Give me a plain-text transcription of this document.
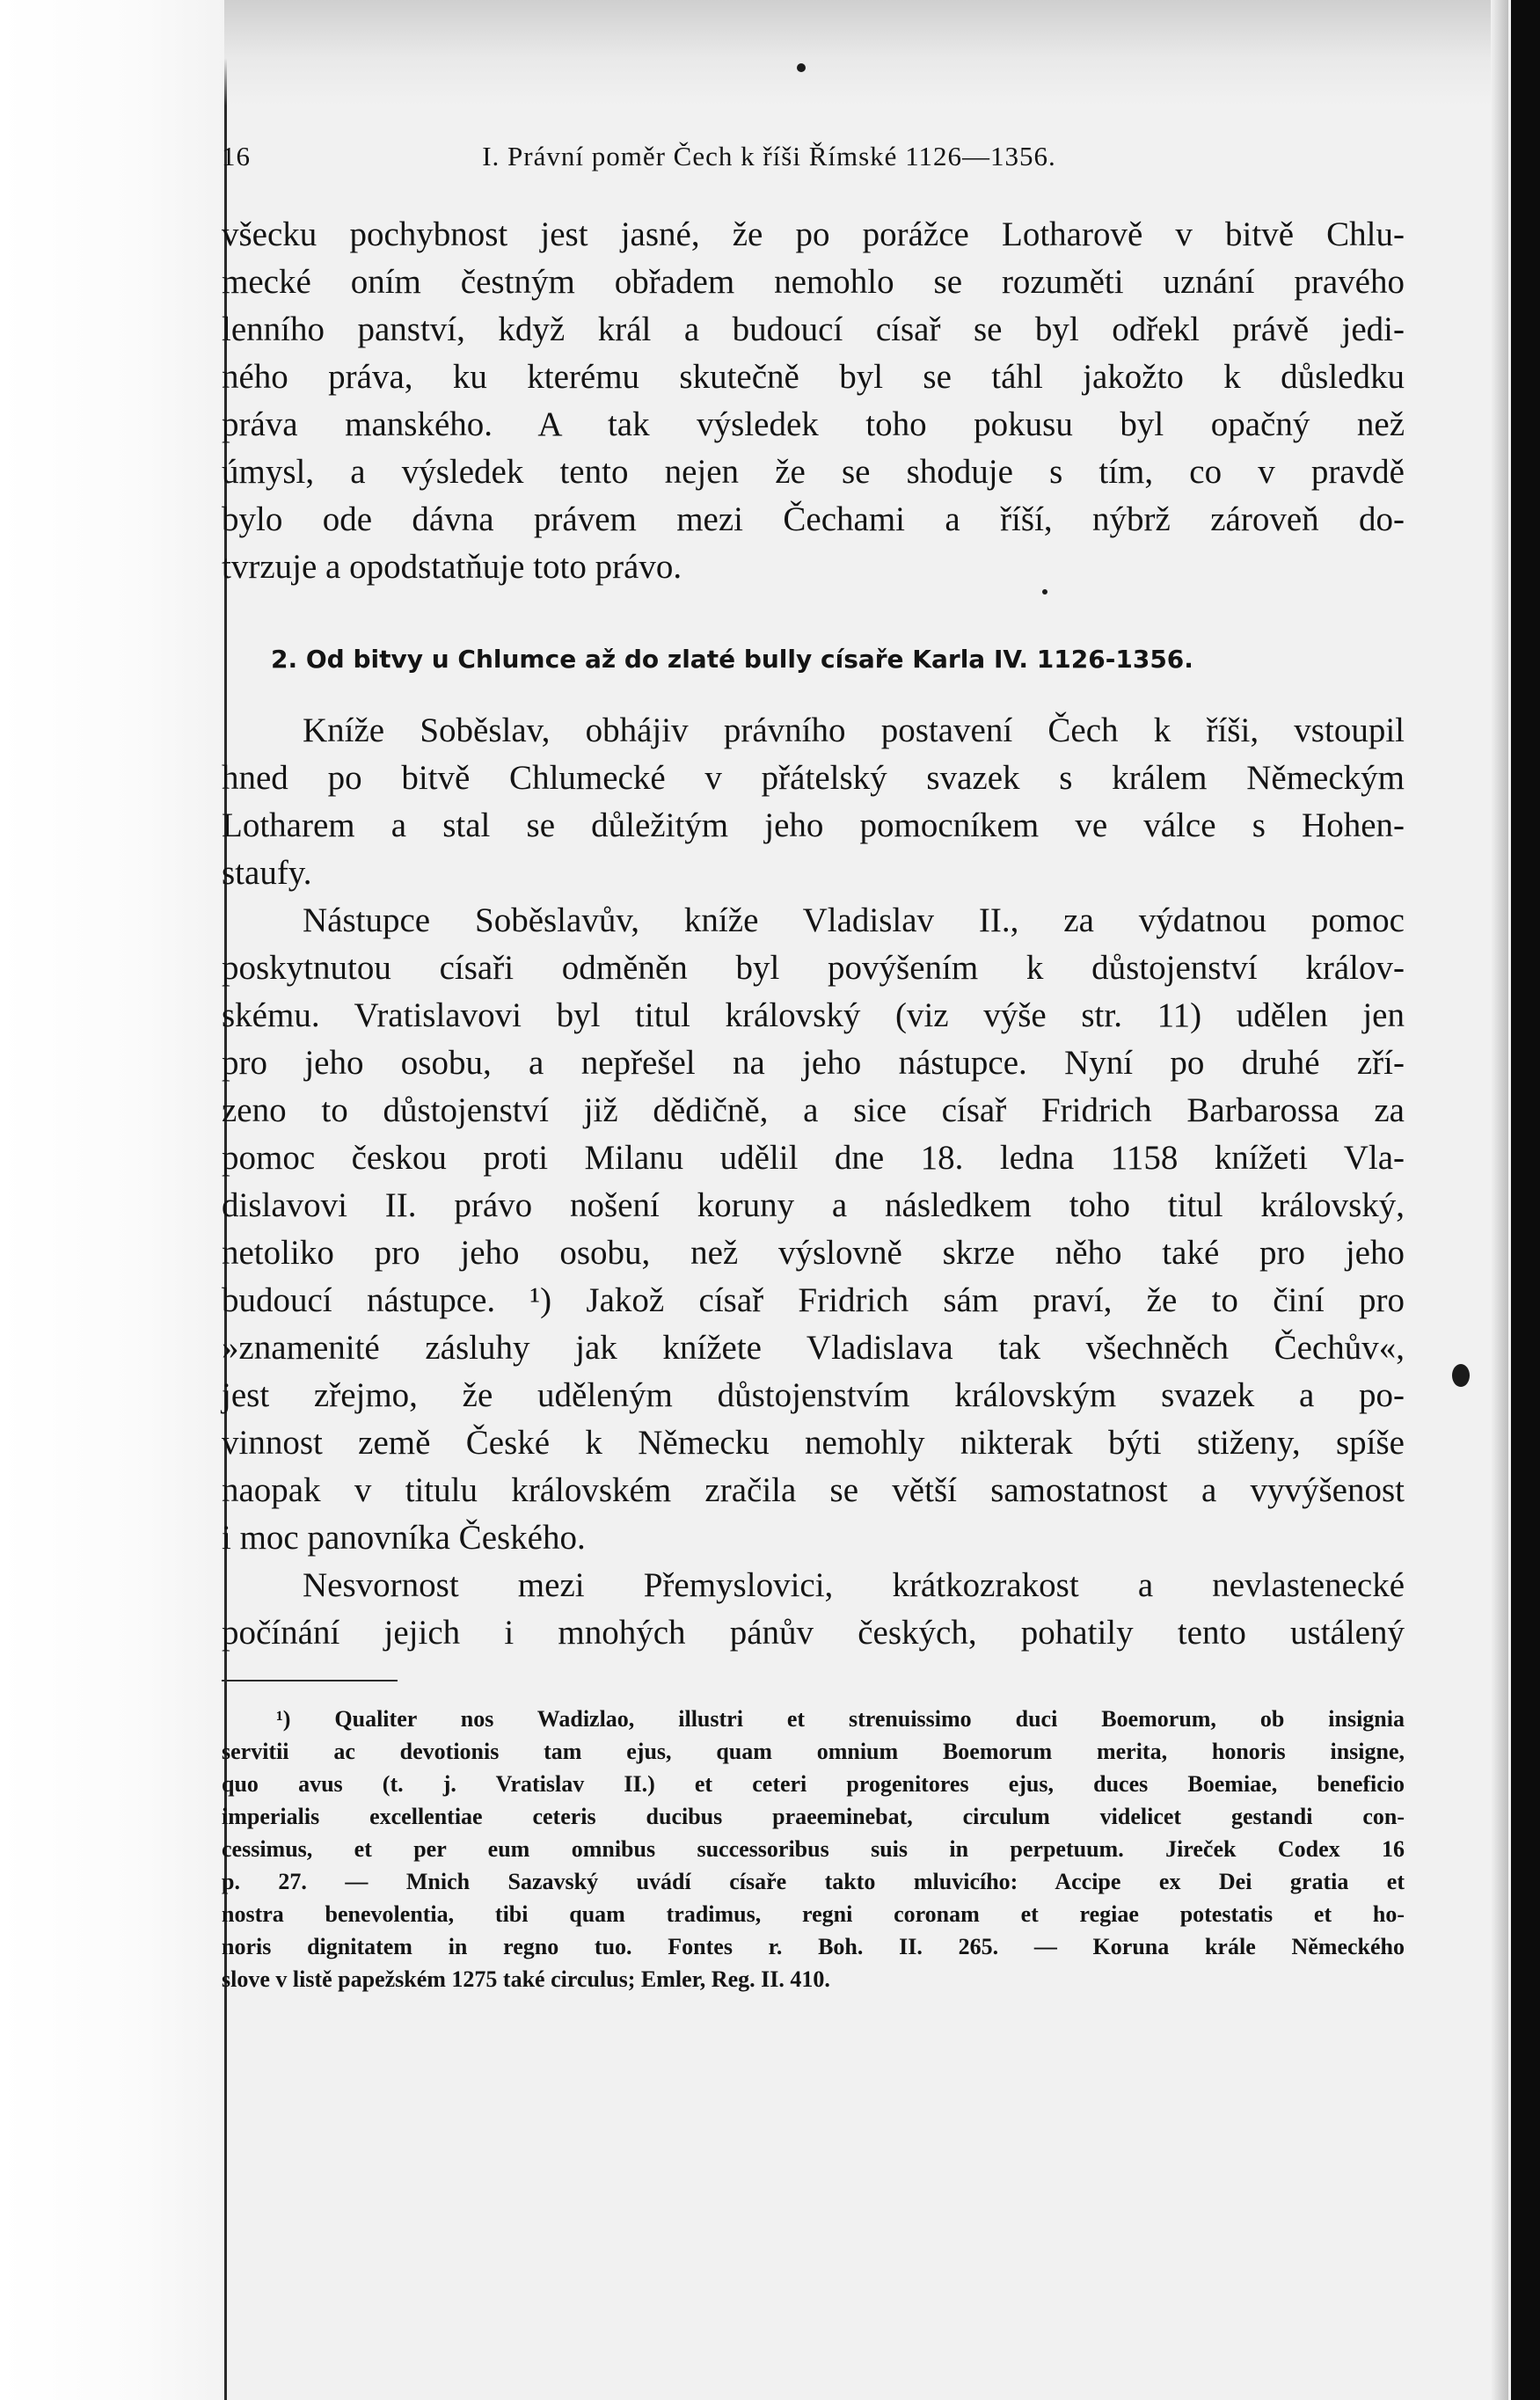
16	I. Právní poměr Čech k říši Římské 1126—1356.
všecku pochybnost jest jasné, že po porážce Lotharově v bitvě Chlu-
mecké oním čestným obřadem nemohlo se rozuměti uznání pravého
lenního panství, když král a budoucí císař se byl odřekl právě jedi-
ného práva, ku kterému skutečně byl se táhl jakožto k důsledku
práva manského. A tak výsledek toho pokusu byl opačný než
úmysl, a výsledek tento nejen že se shoduje s tím, co v pravdě
bylo ode dávna právem mezi Čechami a říší, nýbrž zároveň do-
tvrzuje a opodstatňuje toto právo.
2. Od bitvy u Chlumce až do zlaté bully císaře Karla IV. 1126-1356.
Kníže Soběslav, obhájiv právního postavení Čech k říši, vstoupil
hned po bitvě Chlumecké v přátelský svazek s králem Německým
Lotharem a stal se důležitým jeho pomocníkem ve válce s Hohen-
staufy.
Nástupce Soběslavův, kníže Vladislav II., za výdatnou pomoc
poskytnutou císaři odměněn byl povýšením k důstojenství králov-
skému. Vratislavovi byl titul královský (viz výše str. 11) udělen jen
pro jeho osobu, a nepřešel na jeho nástupce. Nyní po druhé zří-
zeno to důstojenství již dědičně, a sice císař Fridrich Barbarossa za
pomoc českou proti Milanu udělil dne 18. ledna 1158 knížeti Vla-
dislavovi II. právo nošení koruny a následkem toho titul královský,
netoliko pro jeho osobu, než výslovně skrze něho také pro jeho
budoucí nástupce. ¹) Jakož císař Fridrich sám praví, že to činí pro
»znamenité zásluhy jak knížete Vladislava tak všechněch Čechův«,
jest zřejmo, že uděleným důstojenstvím královským svazek a po-
vinnost země České k Německu nemohly nikterak býti stiženy, spíše
naopak v titulu královském zračila se větší samostatnost a vyvýšenost
i moc panovníka Českého.
Nesvornost mezi Přemyslovici, krátkozrakost a nevlastenecké
počínání jejich i mnohých pánův českých, pohatily tento ustálený
¹) Qualiter nos Wadizlao, illustri et strenuissimo duci Boemorum, ob insignia
servitii ac devotionis tam ejus, quam omnium Boemorum merita, honoris insigne,
quo avus (t. j. Vratislav II.) et ceteri progenitores ejus, duces Boemiae, beneficio
imperialis excellentiae ceteris ducibus praeeminebat, circulum videlicet gestandi con-
cessimus, et per eum omnibus successoribus suis in perpetuum. Jireček Codex 16
p. 27. — Mnich Sazavský uvádí císaře takto mluvicího: Accipe ex Dei gratia et
nostra benevolentia, tibi quam tradimus, regni coronam et regiae potestatis et ho-
noris dignitatem in regno tuo. Fontes r. Boh. II. 265. — Koruna krále Německého
slove v listě papežském 1275 také circulus; Emler, Reg. II. 410.
